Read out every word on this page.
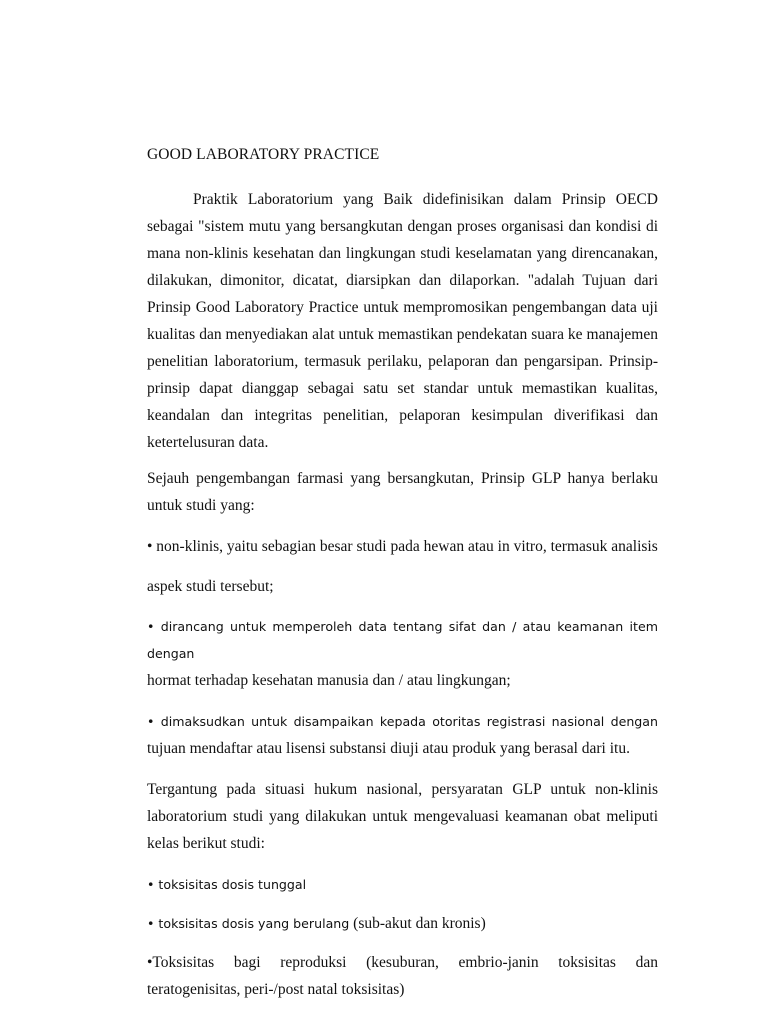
GOOD LABORATORY PRACTICE

Praktik Laboratorium yang Baik didefinisikan dalam Prinsip OECD sebagai "sistem mutu yang bersangkutan dengan proses organisasi dan kondisi di mana non-klinis kesehatan dan lingkungan studi keselamatan yang direncanakan, dilakukan, dimonitor, dicatat, diarsipkan dan dilaporkan. "adalah Tujuan dari Prinsip Good Laboratory Practice untuk mempromosikan pengembangan data uji kualitas dan menyediakan alat untuk memastikan pendekatan suara ke manajemen penelitian laboratorium, termasuk perilaku, pelaporan dan pengarsipan. Prinsip-prinsip dapat dianggap sebagai satu set standar untuk memastikan kualitas, keandalan dan integritas penelitian, pelaporan kesimpulan diverifikasi dan ketertelusuran data.

Sejauh pengembangan farmasi yang bersangkutan, Prinsip GLP hanya berlaku untuk studi yang:

• non-klinis, yaitu sebagian besar studi pada hewan atau in vitro, termasuk analisis

aspek studi tersebut;

• dirancang untuk memperoleh data tentang sifat dan / atau keamanan item dengan
hormat terhadap kesehatan manusia dan / atau lingkungan;

• dimaksudkan untuk disampaikan kepada otoritas registrasi nasional dengan
tujuan mendaftar atau lisensi substansi diuji atau produk yang berasal dari itu.

Tergantung pada situasi hukum nasional, persyaratan GLP untuk non-klinis laboratorium studi yang dilakukan untuk mengevaluasi keamanan obat meliputi kelas berikut studi:

• toksisitas dosis tunggal

• toksisitas dosis yang berulang (sub-akut dan kronis)

•Toksisitas bagi reproduksi (kesuburan, embrio-janin toksisitas dan
teratogenisitas, peri-/post natal toksisitas)
